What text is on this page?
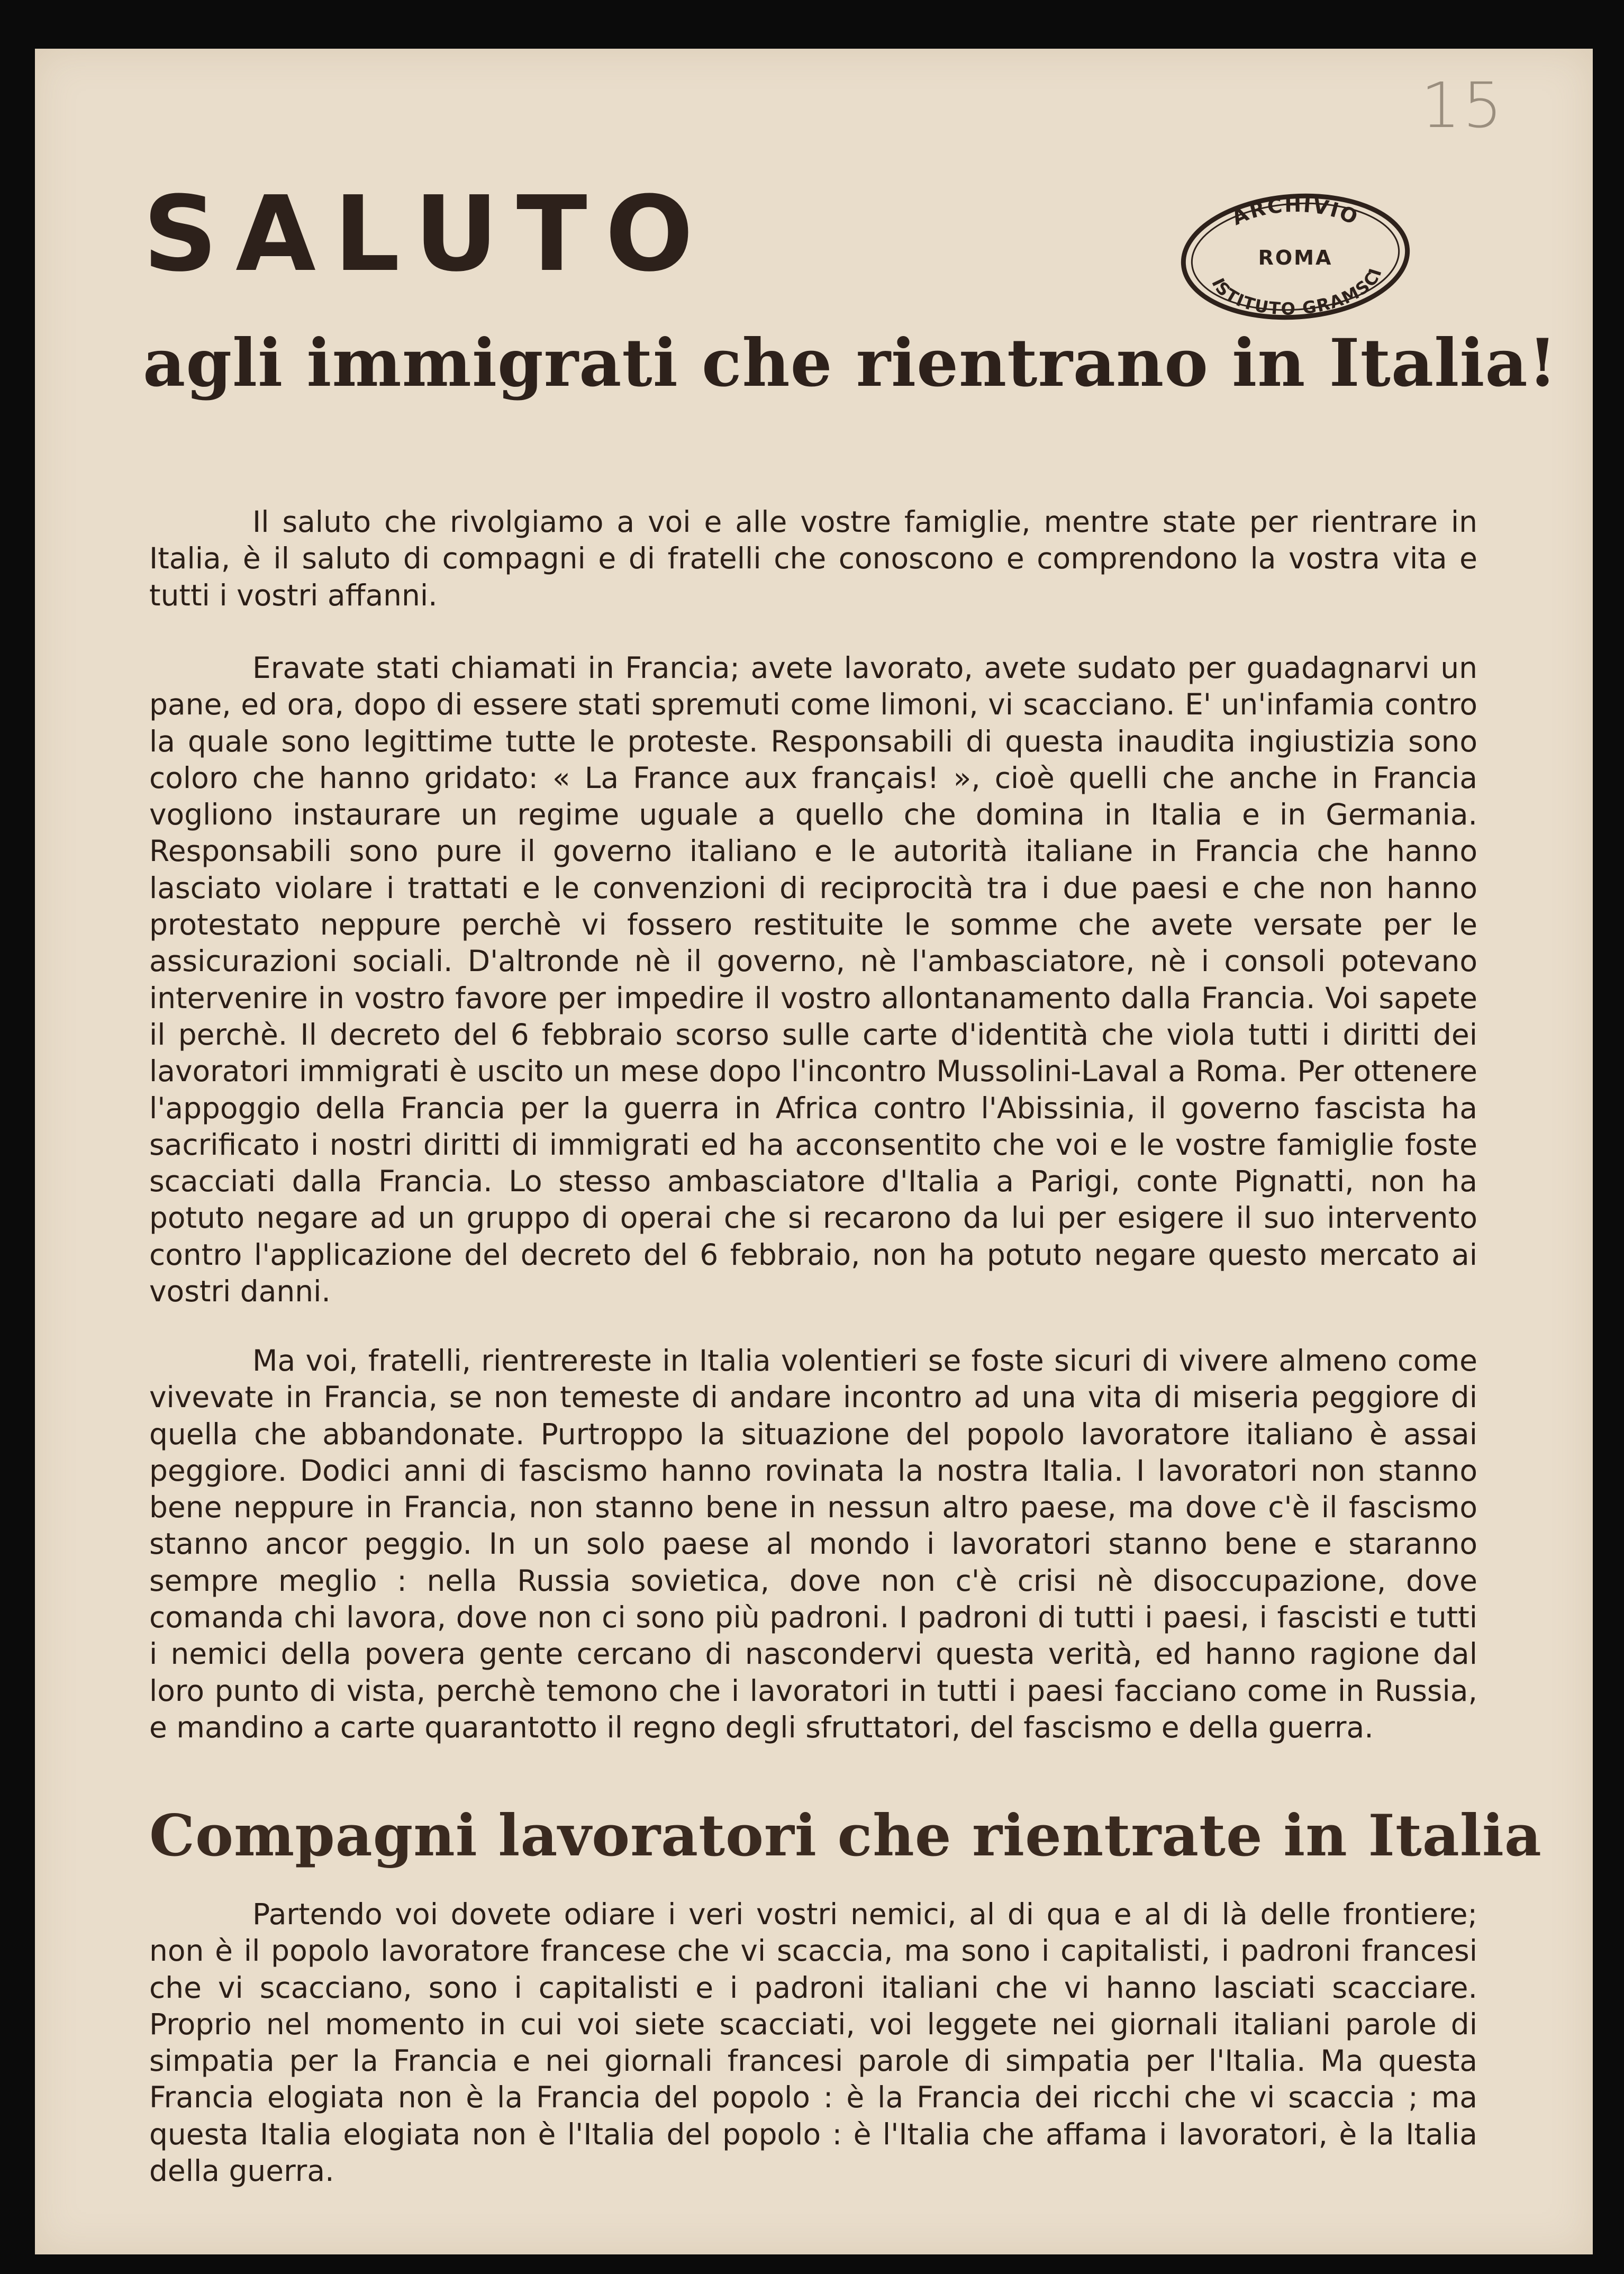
15
SALUTO	ARCHIVIO
ROMA
ISTITUTO GRAMSCI
agli immigrati che rientrano in Italia!

Il saluto che rivolgiamo a voi e alle vostre famiglie, mentre state per rientrare in Italia, è il saluto di compagni e di fratelli che conoscono e comprendono la vostra vita e tutti i vostri affanni.

Eravate stati chiamati in Francia; avete lavorato, avete sudato per guadagnarvi un pane, ed ora, dopo di essere stati spremuti come limoni, vi scacciano. E' un'infamia contro la quale sono legittime tutte le proteste. Responsabili di questa inaudita ingiustizia sono coloro che hanno gridato: « La France aux français! », cioè quelli che anche in Francia vogliono instaurare un regime uguale a quello che domina in Italia e in Germania. Responsabili sono pure il governo italiano e le autorità italiane in Francia che hanno lasciato violare i trattati e le convenzioni di reciprocità tra i due paesi e che non hanno protestato neppure perchè vi fossero restituite le somme che avete versate per le assicurazioni sociali. D'altronde nè il governo, nè l'ambasciatore, nè i consoli potevano intervenire in vostro favore per impedire il vostro allontanamento dalla Francia. Voi sapete il perchè. Il decreto del 6 febbraio scorso sulle carte d'identità che viola tutti i diritti dei lavoratori immigrati è uscito un mese dopo l'incontro Mussolini-Laval a Roma. Per ottenere l'appoggio della Francia per la guerra in Africa contro l'Abissinia, il governo fascista ha sacrificato i nostri diritti di immigrati ed ha acconsentito che voi e le vostre famiglie foste scacciati dalla Francia. Lo stesso ambasciatore d'Italia a Parigi, conte Pignatti, non ha potuto negare ad un gruppo di operai che si recarono da lui per esigere il suo intervento contro l'applicazione del decreto del 6 febbraio, non ha potuto negare questo mercato ai vostri danni.

Ma voi, fratelli, rientrereste in Italia volentieri se foste sicuri di vivere almeno come vivevate in Francia, se non temeste di andare incontro ad una vita di miseria peggiore di quella che abbandonate. Purtroppo la situazione del popolo lavoratore italiano è assai peggiore. Dodici anni di fascismo hanno rovinata la nostra Italia. I lavoratori non stanno bene neppure in Francia, non stanno bene in nessun altro paese, ma dove c'è il fascismo stanno ancor peggio. In un solo paese al mondo i lavoratori stanno bene e staranno sempre meglio : nella Russia sovietica, dove non c'è crisi nè disoccupazione, dove comanda chi lavora, dove non ci sono più padroni. I padroni di tutti i paesi, i fascisti e tutti i nemici della povera gente cercano di nascondervi questa verità, ed hanno ragione dal loro punto di vista, perchè temono che i lavoratori in tutti i paesi facciano come in Russia, e mandino a carte quarantotto il regno degli sfruttatori, del fascismo e della guerra.

Compagni lavoratori che rientrate in Italia

Partendo voi dovete odiare i veri vostri nemici, al di qua e al di là delle frontiere; non è il popolo lavoratore francese che vi scaccia, ma sono i capitalisti, i padroni francesi che vi scacciano, sono i capitalisti e i padroni italiani che vi hanno lasciati scacciare. Proprio nel momento in cui voi siete scacciati, voi leggete nei giornali italiani parole di simpatia per la Francia e nei giornali francesi parole di simpatia per l'Italia. Ma questa Francia elogiata non è la Francia del popolo : è la Francia dei ricchi che vi scaccia ; ma questa Italia elogiata non è l'Italia del popolo : è l'Italia che affama i lavoratori, è la Italia della guerra.
